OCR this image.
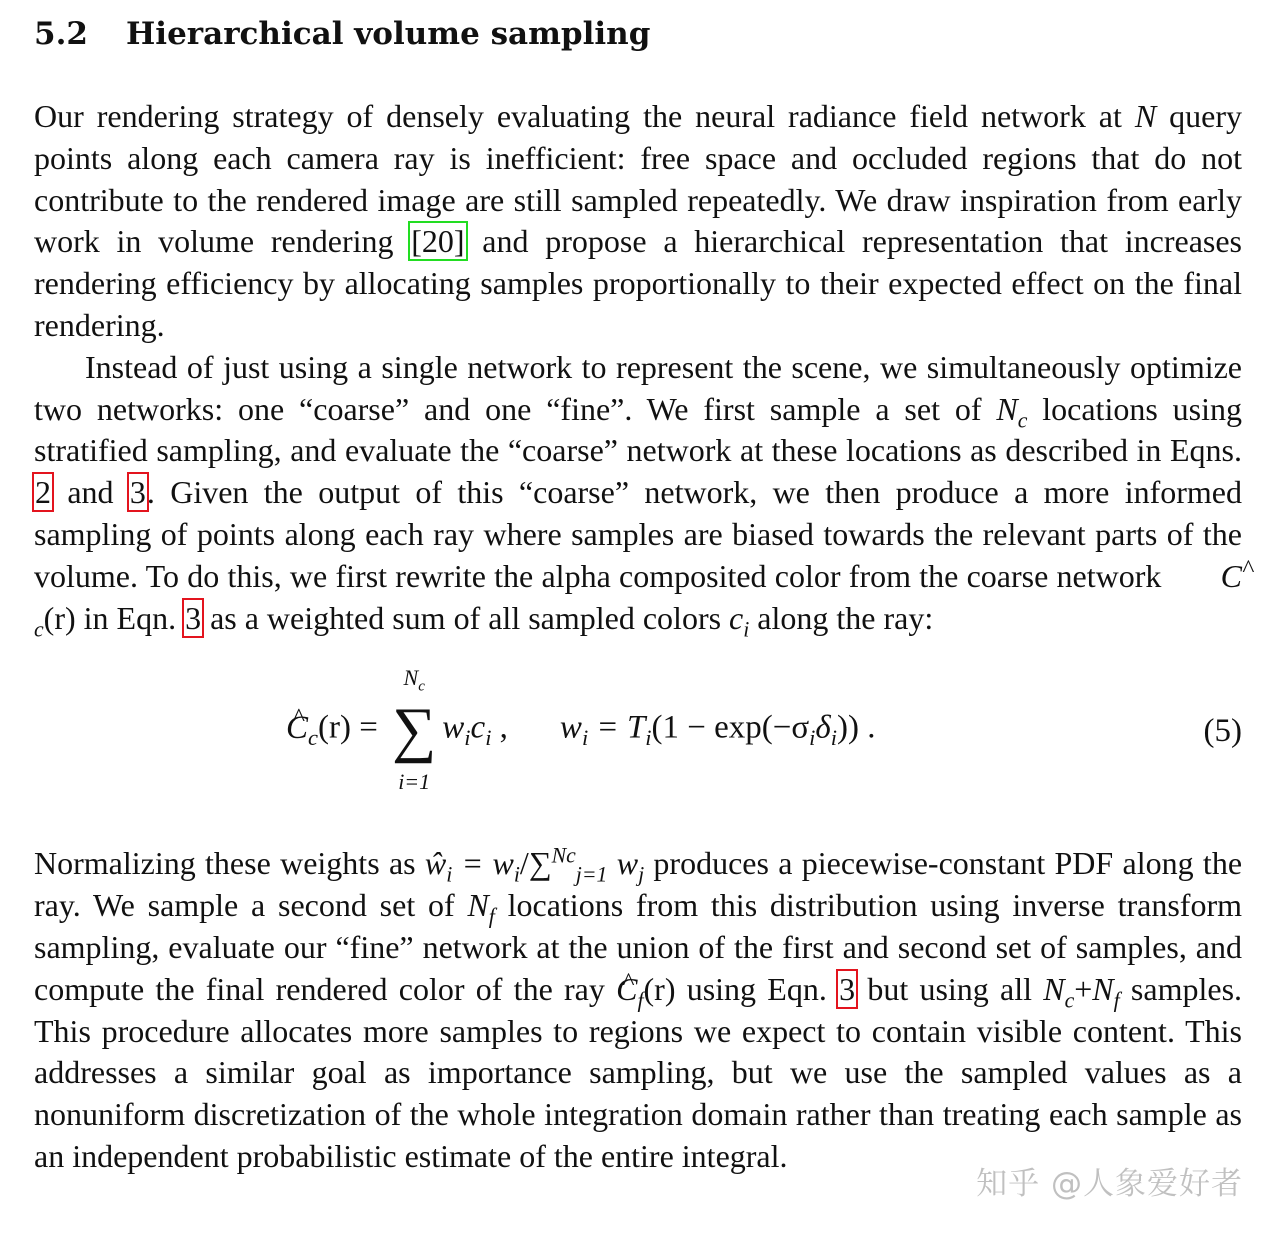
5.2 Hierarchical volume sampling

Our rendering strategy of densely evaluating the neural radiance field network at N query points along each camera ray is inefficient: free space and occluded regions that do not contribute to the rendered image are still sampled repeatedly. We draw inspiration from early work in volume rendering [20] and propose a hierarchical representation that increases rendering efficiency by allocating samples proportionally to their expected effect on the final rendering.

Instead of just using a single network to represent the scene, we simultaneously optimize two networks: one “coarse” and one “fine”. We first sample a set of $N_c$ locations using stratified sampling, and evaluate the “coarse” network at these locations as described in Eqns. 2 and 3. Given the output of this “coarse” network, we then produce a more informed sampling of points along each ray where samples are biased towards the relevant parts of the volume. To do this, we first rewrite the alpha composited color from the coarse network ^ $C_c(r)$ in Eqn. 3 as a weighted sum of all sampled colors $c_i$ along the ray:

^ $C_c(r)$ =
$N_c$
∑
i=1
$w_ic_i$ , $w_i = T_i(1 - \exp(-\sigma_i\delta_i))$ .	(5)

Normalizing these weights as $ŵ_i = w_i/\sum^{Nc}_{j=1}$ $w_j$ produces a piecewise-constant PDF along the ray. We sample a second set of $N_f$ locations from this distribution using inverse transform sampling, evaluate our “fine” network at the union of the first and second set of samples, and compute the final rendered color of the ray ^ $C_f(r)$ using Eqn. 3 but using all $N_c+N_f$ samples. This procedure allocates more samples to regions we expect to contain visible content. This addresses a similar goal as importance sampling, but we use the sampled values as a nonuniform discretization of the whole integration domain rather than treating each sample as an independent probabilistic estimate of the entire integral.

知乎 @人象爱好者
